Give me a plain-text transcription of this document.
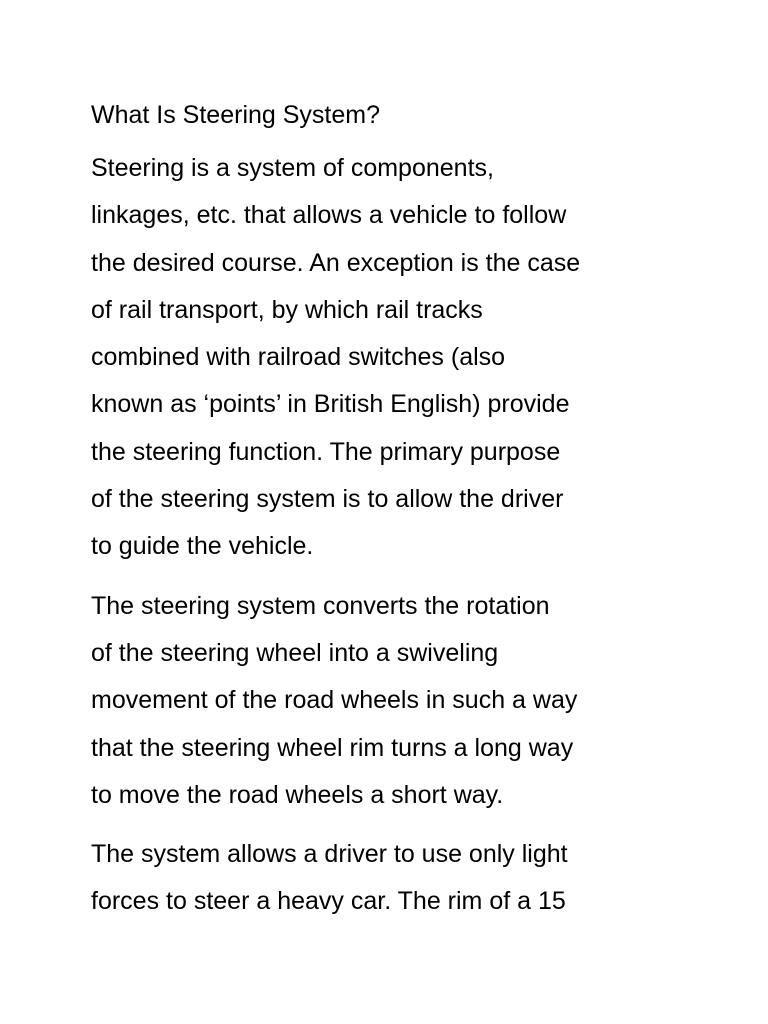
What Is Steering System?

Steering is a system of components,
linkages, etc. that allows a vehicle to follow
the desired course. An exception is the case
of rail transport, by which rail tracks
combined with railroad switches (also
known as ‘points’ in British English) provide
the steering function. The primary purpose
of the steering system is to allow the driver
to guide the vehicle.

The steering system converts the rotation
of the steering wheel into a swiveling
movement of the road wheels in such a way
that the steering wheel rim turns a long way
to move the road wheels a short way.

The system allows a driver to use only light
forces to steer a heavy car. The rim of a 15
